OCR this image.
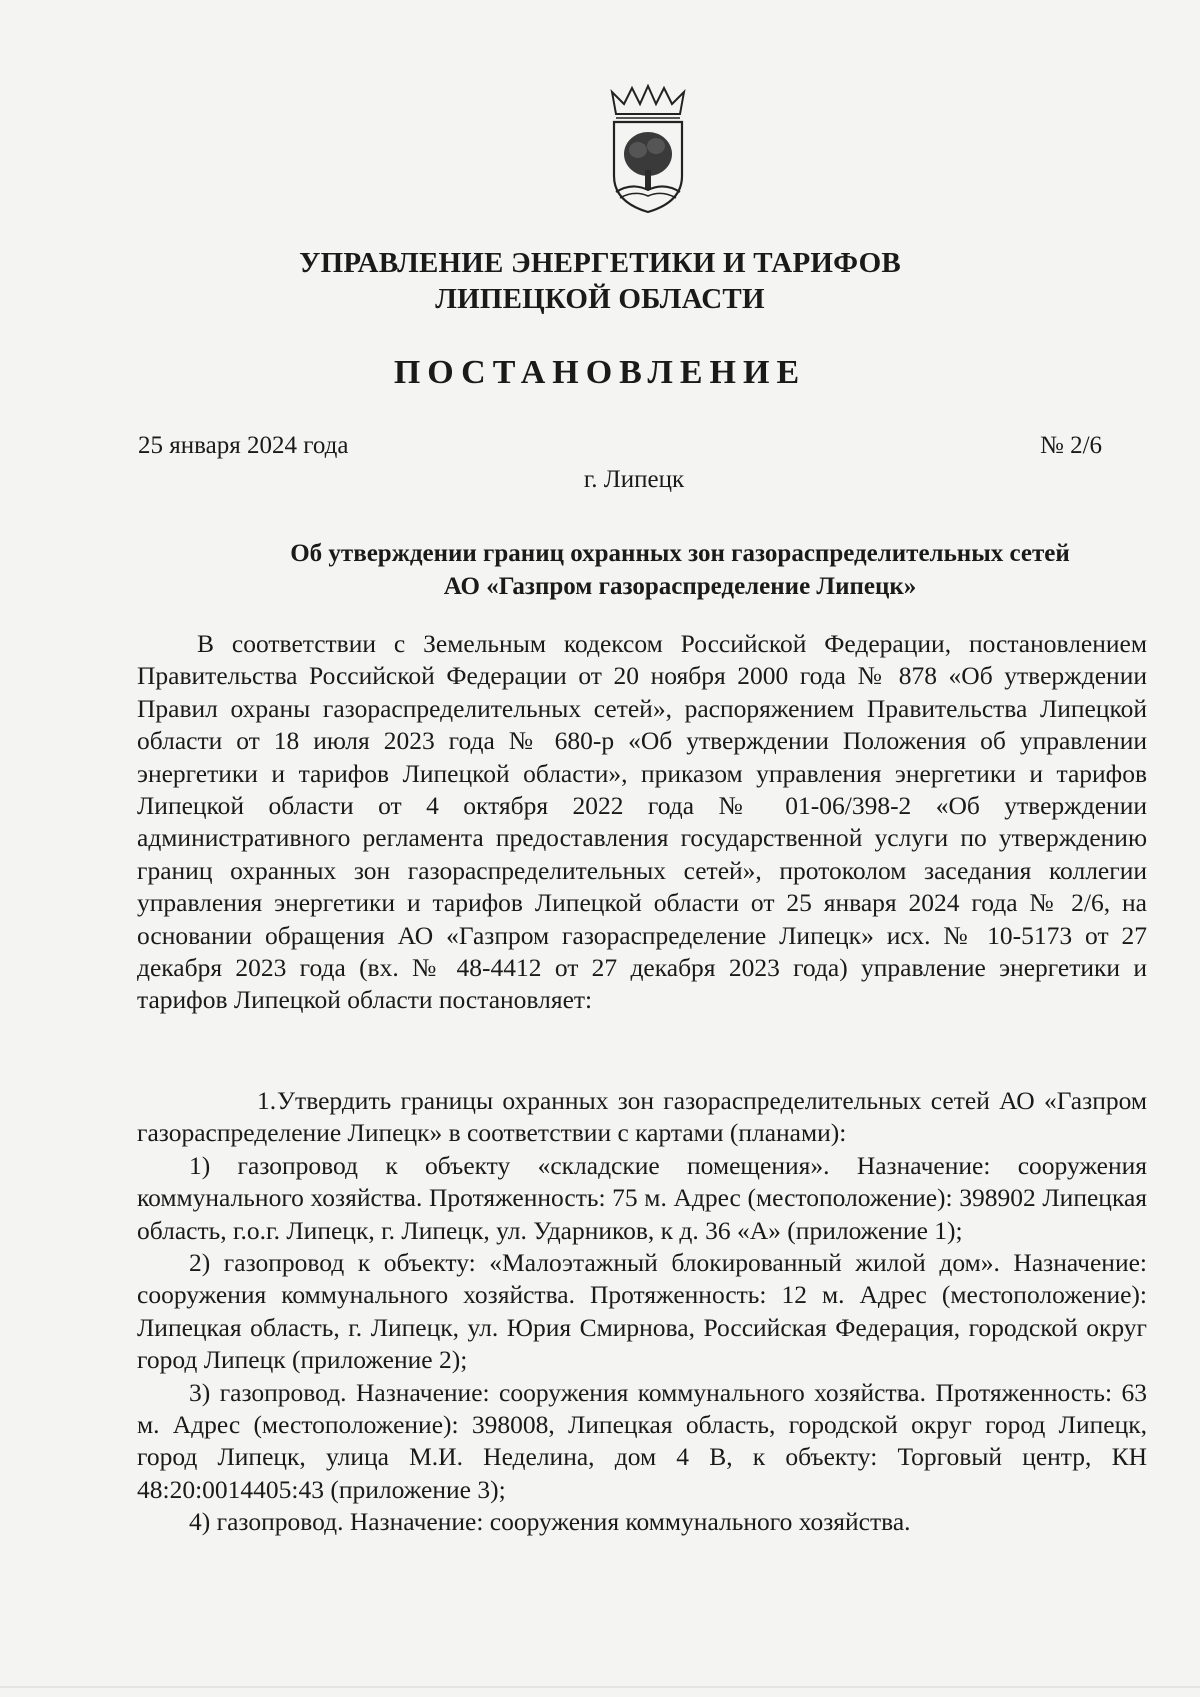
УПРАВЛЕНИЕ ЭНЕРГЕТИКИ И ТАРИФОВ
ЛИПЕЦКОЙ ОБЛАСТИ
ПОСТАНОВЛЕНИЕ
25 января 2024 года	№ 2/6
г. Липецк
Об утверждении границ охранных зон газораспределительных сетей
АО «Газпром газораспределение Липецк»
В соответствии с Земельным кодексом Российской Федерации, постановлением Правительства Российской Федерации от 20 ноября 2000 года № 878 «Об утверждении Правил охраны газораспределительных сетей», распоряжением Правительства Липецкой области от 18 июля 2023 года № 680-р «Об утверждении Положения об управлении энергетики и тарифов Липецкой области», приказом управления энергетики и тарифов Липецкой области от 4 октября 2022 года № 01-06/398-2 «Об утверждении административного регламента предоставления государственной услуги по утверждению границ охранных зон газораспределительных сетей», протоколом заседания коллегии управления энергетики и тарифов Липецкой области от 25 января 2024 года № 2/6, на основании обращения АО «Газпром газораспределение Липецк» исх. № 10-5173 от 27 декабря 2023 года (вх. № 48-4412 от 27 декабря 2023 года) управление энергетики и тарифов Липецкой области постановляет:

1.Утвердить границы охранных зон газораспределительных сетей АО «Газпром газораспределение Липецк» в соответствии с картами (планами):

1) газопровод к объекту «складские помещения». Назначение: сооружения коммунального хозяйства. Протяженность: 75 м. Адрес (местоположение): 398902 Липецкая область, г.о.г. Липецк, г. Липецк, ул. Ударников, к д. 36 «А» (приложение 1);

2) газопровод к объекту: «Малоэтажный блокированный жилой дом». Назначение: сооружения коммунального хозяйства. Протяженность: 12 м. Адрес (местоположение): Липецкая область, г. Липецк, ул. Юрия Смирнова, Российская Федерация, городской округ город Липецк (приложение 2);

3) газопровод. Назначение: сооружения коммунального хозяйства. Протяженность: 63 м. Адрес (местоположение): 398008, Липецкая область, городской округ город Липецк, город Липецк, улица М.И. Неделина, дом 4 В, к объекту: Торговый центр, КН 48:20:0014405:43 (приложение 3);

4) газопровод. Назначение: сооружения коммунального хозяйства.
